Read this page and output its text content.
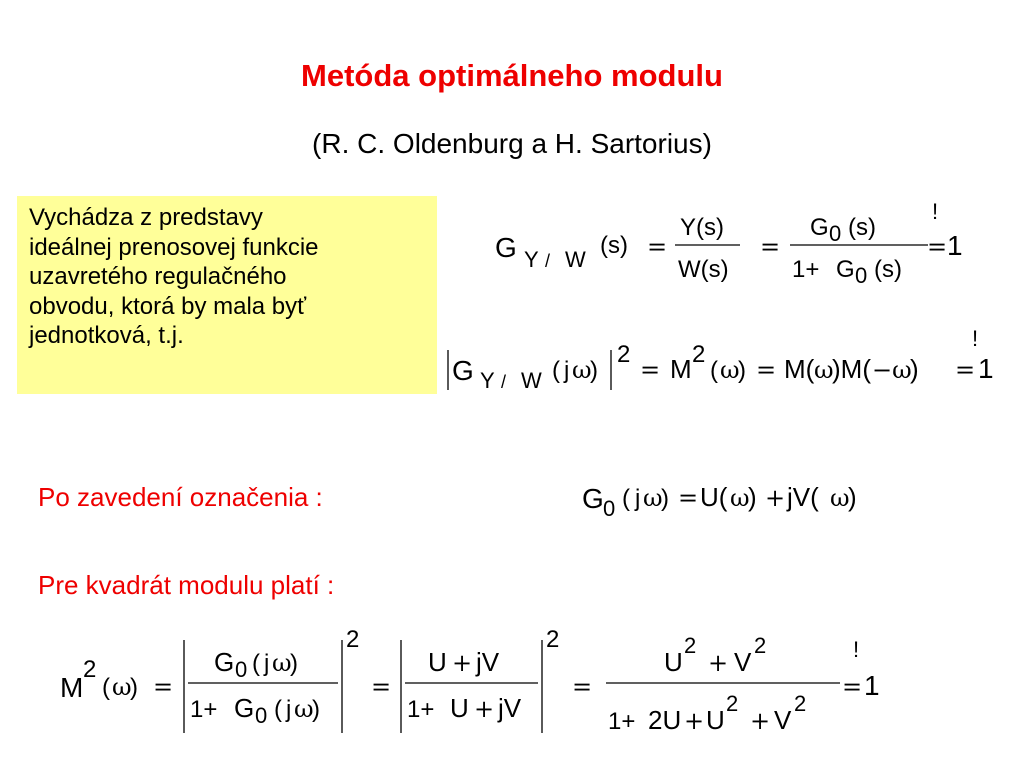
Metóda optimálneho modulu
(R. C. Oldenburg a H. Sartorius)
Vychádza z predstavy
ideálnej prenosovej funkcie
uzavretého regulačného
obvodu, ktorá by mala byť
jednotková, t.j.
G Y / W
(s) =
Y(s)
W(s)
=
G 0 (s)
1+ G 0 (s)
!
= 1
G Y / W ( j ω
)
2
= M 2
( ω
) = M( ω
)M( −ω
)
!
= 1
Po zavedení označenia :	G 0 ( j ω
) = U( ω
) + jV( ω
)
Pre kvadrát modulu platí :
M
2
( ω
) =
G 0 ( j ω
)
1+ G 0 ( j ω
)
2
=
U + jV
1+ U + jV
2
=
U
2
+ V
2
1+ 2U + U
2
+ V
2
!
= 1
